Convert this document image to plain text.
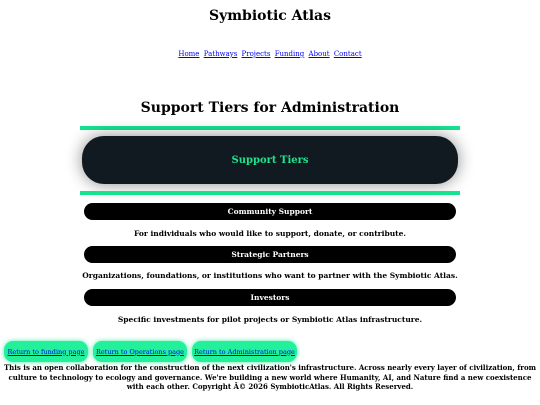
Symbiotic Atlas
Home Pathways Projects Funding About Contact
Support Tiers for Administration
Support Tiers
Community Support
For individuals who would like to support, donate, or contribute.
Strategic Partners
Organizations, foundations, or institutions who want to partner with the Symbiotic Atlas.
Investors
Specific investments for pilot projects or Symbiotic Atlas infrastructure.
Return to funding page	Return to Operations page	Return to Administration page
This is an open collaboration for the construction of the next civilization's infrastructure. Across nearly every layer of civilization, from culture to technology to ecology and governance. We're building a new world where Humanity, AI, and Nature find a new coexistence with each other. Copyright Â© 2026 SymbioticAtlas. All Rights Reserved.
